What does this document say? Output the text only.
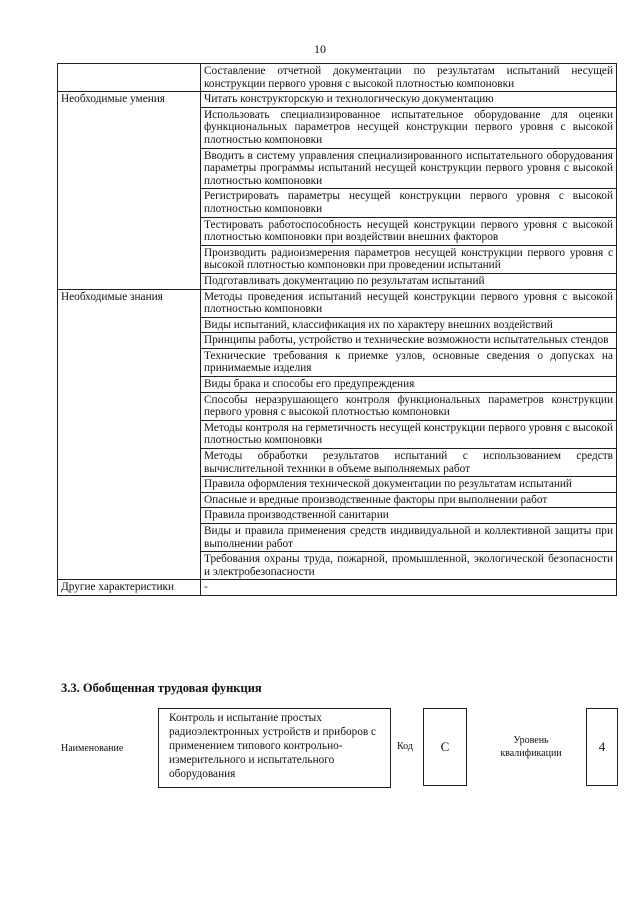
10
	Составление отчетной документации по результатам испытаний несущей конструкции первого уровня с высокой плотностью компоновки
Необходимые умения	Читать конструкторскую и технологическую документацию
	Использовать специализированное испытательное оборудование для оценки функциональных параметров несущей конструкции первого уровня с высокой плотностью компоновки
	Вводить в систему управления специализированного испытательного оборудования параметры программы испытаний несущей конструкции первого уровня с высокой плотностью компоновки
	Регистрировать параметры несущей конструкции первого уровня с высокой плотностью компоновки
	Тестировать работоспособность несущей конструкции первого уровня с высокой плотностью компоновки при воздействии внешних факторов
	Производить радиоизмерения параметров несущей конструкции первого уровня с высокой плотностью компоновки при проведении испытаний
	Подготавливать документацию по результатам испытаний
Необходимые знания	Методы проведения испытаний несущей конструкции первого уровня с высокой плотностью компоновки
	Виды испытаний, классификация их по характеру внешних воздействий
	Принципы работы, устройство и технические возможности испытательных стендов
	Технические требования к приемке узлов, основные сведения о допусках на принимаемые изделия
	Виды брака и способы его предупреждения
	Способы неразрушающего контроля функциональных параметров конструкции первого уровня с высокой плотностью компоновки
	Методы контроля на герметичность несущей конструкции первого уровня с высокой плотностью компоновки
	Методы обработки результатов испытаний с использованием средств вычислительной техники в объеме выполняемых работ
	Правила оформления технической документации по результатам испытаний
	Опасные и вредные производственные факторы при выполнении работ
	Правила производственной санитарии
	Виды и правила применения средств индивидуальной и коллективной защиты при выполнении работ
	Требования охраны труда, пожарной, промышленной, экологической безопасности и электробезопасности
Другие характеристики	-
3.3. Обобщенная трудовая функция
Наименование
Контроль и испытание простых радиоэлектронных устройств и приборов с применением типового контрольно-измерительного и испытательного оборудования
Код С	Уровень квалификации	4
